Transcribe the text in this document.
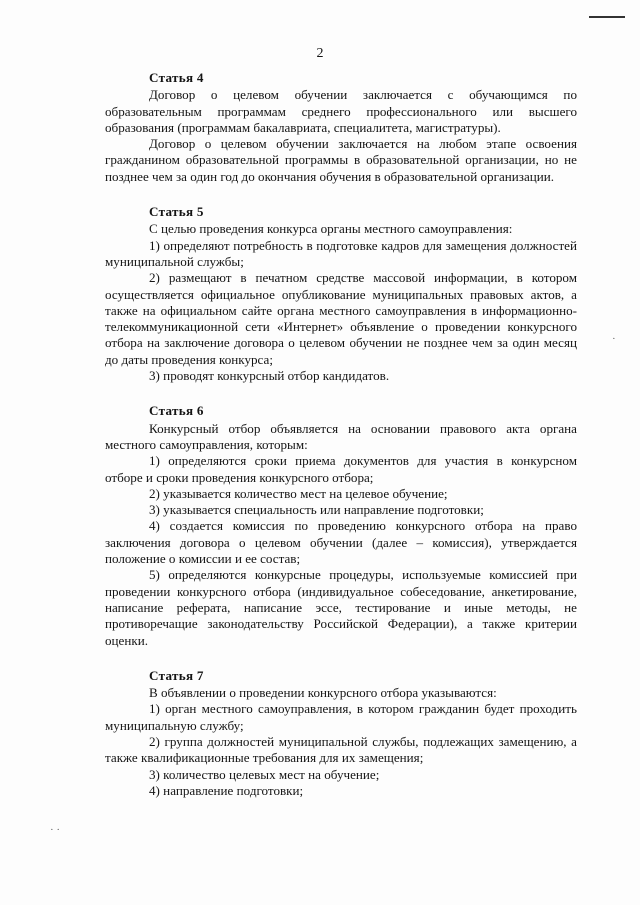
2

Статья 4

Договор о целевом обучении заключается с обучающимся по образовательным программам среднего профессионального или высшего образования (программам бакалавриата, специалитета, магистратуры).

Договор о целевом обучении заключается на любом этапе освоения гражданином образовательной программы в образовательной организации, но не позднее чем за один год до окончания обучения в образовательной организации.

Статья 5

С целью проведения конкурса органы местного самоуправления:

1) определяют потребность в подготовке кадров для замещения должностей муниципальной службы;

2) размещают в печатном средстве массовой информации, в котором осуществляется официальное опубликование муниципальных правовых актов, а также на официальном сайте органа местного самоуправления в информационно-телекоммуникационной сети «Интернет» объявление о проведении конкурсного отбора на заключение договора о целевом обучении не позднее чем за один месяц до даты проведения конкурса;

3) проводят конкурсный отбор кандидатов.

Статья 6

Конкурсный отбор объявляется на основании правового акта органа местного самоуправления, которым:

1) определяются сроки приема документов для участия в конкурсном отборе и сроки проведения конкурсного отбора;

2) указывается количество мест на целевое обучение;

3) указывается специальность или направление подготовки;

4) создается комиссия по проведению конкурсного отбора на право заключения договора о целевом обучении (далее – комиссия), утверждается положение о комиссии и ее состав;

5) определяются конкурсные процедуры, используемые комиссией при проведении конкурсного отбора (индивидуальное собеседование, анкетирование, написание реферата, написание эссе, тестирование и иные методы, не противоречащие законодательству Российской Федерации), а также критерии оценки.

Статья 7

В объявлении о проведении конкурсного отбора указываются:

1) орган местного самоуправления, в котором гражданин будет проходить муниципальную службу;

2) группа должностей муниципальной службы, подлежащих замещению, а также квалификационные требования для их замещения;

3) количество целевых мест на обучение;

4) направление подготовки;

·
· ·
